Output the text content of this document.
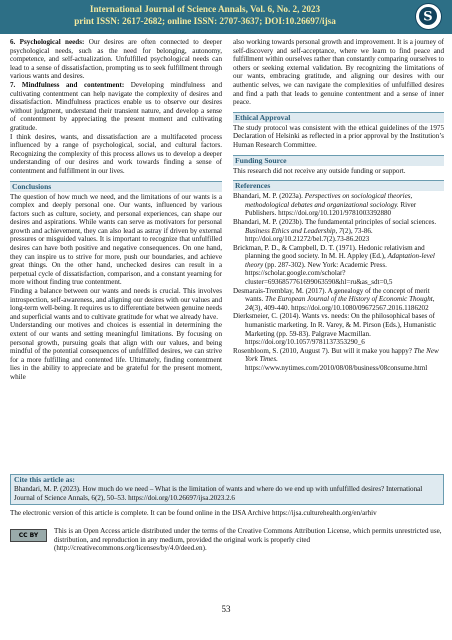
International Journal of Science Annals, Vol. 6, No. 2, 2023
print ISSN: 2617-2682; online ISSN: 2707-3637; DOI:10.26697/ijsa	S

6. Psychological needs: Our desires are often connected to deeper psychological needs, such as the need for belonging, autonomy, competence, and self-actualization. Unfulfilled psychological needs can lead to a sense of dissatisfaction, prompting us to seek fulfillment through various wants and desires.

7. Mindfulness and contentment: Developing mindfulness and cultivating contentment can help navigate the complexity of desires and dissatisfaction. Mindfulness practices enable us to observe our desires without judgment, understand their transient nature, and develop a sense of contentment by appreciating the present moment and cultivating gratitude.

I think desires, wants, and dissatisfaction are a multifaceted process influenced by a range of psychological, social, and cultural factors. Recognizing the complexity of this process allows us to develop a deeper understanding of our desires and work towards finding a sense of contentment and fulfillment in our lives.

Conclusions

The question of how much we need, and the limitations of our wants is a complex and deeply personal one. Our wants, influenced by various factors such as culture, society, and personal experiences, can shape our desires and aspirations. While wants can serve as motivators for personal growth and achievement, they can also lead as astray if driven by external pressures or misguided values. It is important to recognize that unfulfilled desires can have both positive and negative consequences. On one hand, they can inspire us to strive for more, push our boundaries, and achieve great things. On the other hand, unchecked desires can result in a perpetual cycle of dissatisfaction, comparison, and a constant yearning for more without finding true contentment.

Finding a balance between our wants and needs is crucial. This involves introspection, self-awareness, and aligning our desires with our values and long-term well-being. It requires us to differentiate between genuine needs and superficial wants and to cultivate gratitude for what we already have.

Understanding our motives and choices is essential in determining the extent of our wants and setting meaningful limitations. By focusing on personal growth, pursuing goals that align with our values, and being mindful of the potential consequences of unfulfilled desires, we can strive for a more fulfilling and contented life. Ultimately, finding contentment lies in the ability to appreciate and be grateful for the present moment, while

also working towards personal growth and improvement. It is a journey of self-discovery and self-acceptance, where we learn to find peace and fulfillment within ourselves rather than constantly comparing ourselves to others or seeking external validation. By recognizing the limitations of our wants, embracing gratitude, and aligning our desires with our authentic selves, we can navigate the complexities of unfulfilled desires and find a path that leads to genuine contentment and a sense of inner peace.

Ethical Approval

The study protocol was consistent with the ethical guidelines of the 1975 Declaration of Helsinki as reflected in a prior approval by the Institution’s Human Research Committee.

Funding Source

This research did not receive any outside funding or support.

References

Bhandari, M. P. (2023a). Perspectives on sociological theories, methodological debates and organizational sociology. River Publishers. https://doi.org/10.1201/9781003392880

Bhandari, M. P. (2023b). The fundamental principles of social sciences. Business Ethics and Leadership, 7(2), 73-86. http://doi.org/10.21272/bel.7(2).73-86.2023

Brickman, P. D., & Campbell, D. T. (1971). Hedonic relativism and planning the good society. In M. H. Appley (Ed.), Adaptation-level theory (pp. 287-302). New York: Academic Press. https://scholar.google.com/scholar?cluster=6936857761699063590&hl=ru&as_sdt=0,5

Desmarais-Tremblay, M. (2017). A genealogy of the concept of merit wants. The European Journal of the History of Economic Thought, 24(3), 409-440. https://doi.org/10.1080/09672567.2016.1186202

Dierksmeier, C. (2014). Wants vs. needs: On the philosophical bases of humanistic marketing. In R. Varey, & M. Pirson (Eds.), Humanistic Marketing (pp. 59-83). Palgrave Macmillan. https://doi.org/10.1057/9781137353290_6

Rosenbloom, S. (2010, August 7). But will it make you happy? The New York Times. https://www.nytimes.com/2010/08/08/business/08consume.html

Cite this article as:
Bhandari, M. P. (2023). How much do we need – What is the limitation of wants and where do we end up with unfulfilled desires? International Journal of Science Annals, 6(2), 50–53. https://doi.org/10.26697/ijsa.2023.2.6
The electronic version of this article is complete. It can be found online in the IJSA Archive https://ijsa.culturehealth.org/en/arhiv
CC BY
This is an Open Access article distributed under the terms of the Creative Commons Attribution License, which permits unrestricted use, distribution, and reproduction in any medium, provided the original work is properly cited (http://creativecommons.org/licenses/by/4.0/deed.en).
53
